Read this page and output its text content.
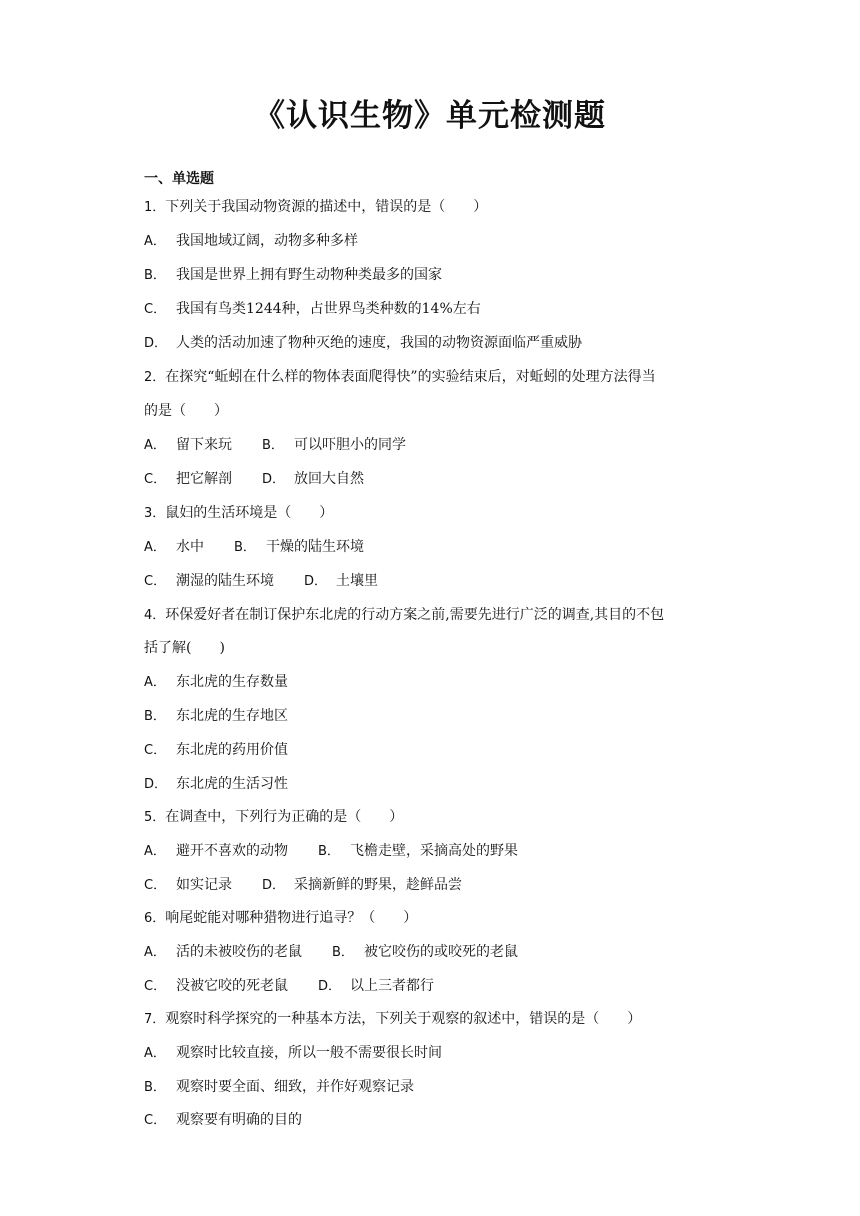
《认识生物》单元检测题
一、单选题
1．下列关于我国动物资源的描述中，错误的是（　　）
A． 我国地域辽阔，动物多种多样
B． 我国是世界上拥有野生动物种类最多的国家
C． 我国有鸟类1244种，占世界鸟类种数的14%左右
D． 人类的活动加速了物种灭绝的速度，我国的动物资源面临严重威胁
2．在探究“蚯蚓在什么样的物体表面爬得快”的实验结束后，对蚯蚓的处理方法得当
的是（　　）
A． 留下来玩 B． 可以吓胆小的同学
C． 把它解剖 D． 放回大自然
3．鼠妇的生活环境是（　　）
A． 水中 B． 干燥的陆生环境
C． 潮湿的陆生环境 D． 土壤里
4．环保爱好者在制订保护东北虎的行动方案之前,需要先进行广泛的调查,其目的不包
括了解(　　)
A． 东北虎的生存数量
B． 东北虎的生存地区
C． 东北虎的药用价值
D． 东北虎的生活习性
5．在调查中，下列行为正确的是（　　）
A． 避开不喜欢的动物 B． 飞檐走壁，采摘高处的野果
C． 如实记录 D． 采摘新鲜的野果，趁鲜品尝
6．响尾蛇能对哪种猎物进行追寻？（　　）
A． 活的未被咬伤的老鼠 B． 被它咬伤的或咬死的老鼠
C． 没被它咬的死老鼠 D． 以上三者都行
7．观察时科学探究的一种基本方法，下列关于观察的叙述中，错误的是（　　）
A． 观察时比较直接，所以一般不需要很长时间
B． 观察时要全面、细致，并作好观察记录
C． 观察要有明确的目的
